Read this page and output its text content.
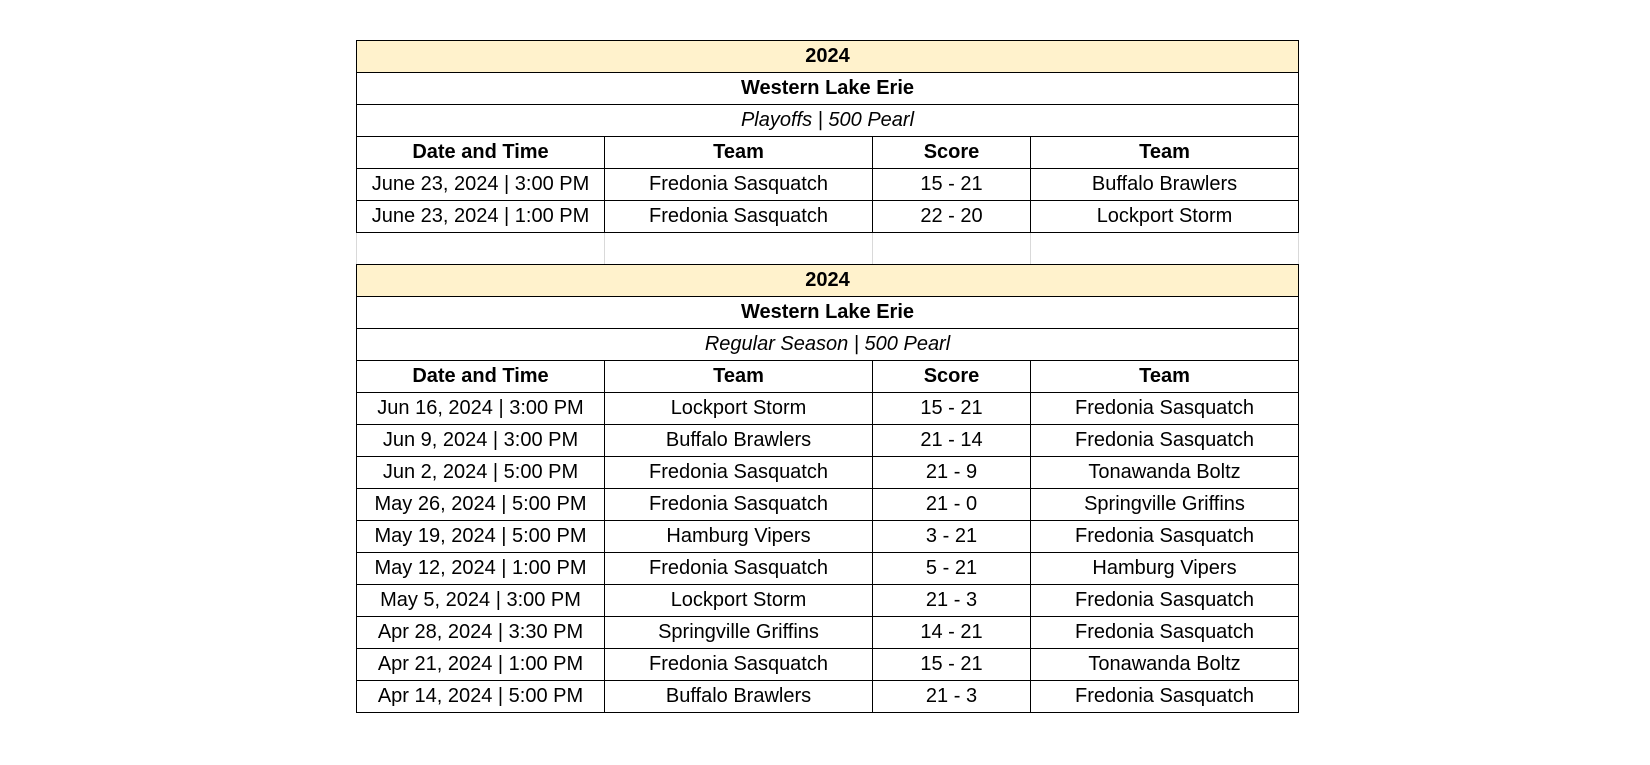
2024			
Western Lake Erie			
Playoffs | 500 Pearl			
Date and Time	Team	Score	Team
June 23, 2024 | 3:00 PM	Fredonia Sasquatch	15 - 21	Buffalo Brawlers
June 23, 2024 | 1:00 PM	Fredonia Sasquatch	22 - 20	Lockport Storm

2024			
Western Lake Erie			
Regular Season | 500 Pearl			
Date and Time	Team	Score	Team
Jun 16, 2024 | 3:00 PM	Lockport Storm	15 - 21	Fredonia Sasquatch
Jun 9, 2024 | 3:00 PM	Buffalo Brawlers	21 - 14	Fredonia Sasquatch
Jun 2, 2024 | 5:00 PM	Fredonia Sasquatch	21 - 9	Tonawanda Boltz
May 26, 2024 | 5:00 PM	Fredonia Sasquatch	21 - 0	Springville Griffins
May 19, 2024 | 5:00 PM	Hamburg Vipers	3 - 21	Fredonia Sasquatch
May 12, 2024 | 1:00 PM	Fredonia Sasquatch	5 - 21	Hamburg Vipers
May 5, 2024 | 3:00 PM	Lockport Storm	21 - 3	Fredonia Sasquatch
Apr 28, 2024 | 3:30 PM	Springville Griffins	14 - 21	Fredonia Sasquatch
Apr 21, 2024 | 1:00 PM	Fredonia Sasquatch	15 - 21	Tonawanda Boltz
Apr 14, 2024 | 5:00 PM	Buffalo Brawlers	21 - 3	Fredonia Sasquatch
